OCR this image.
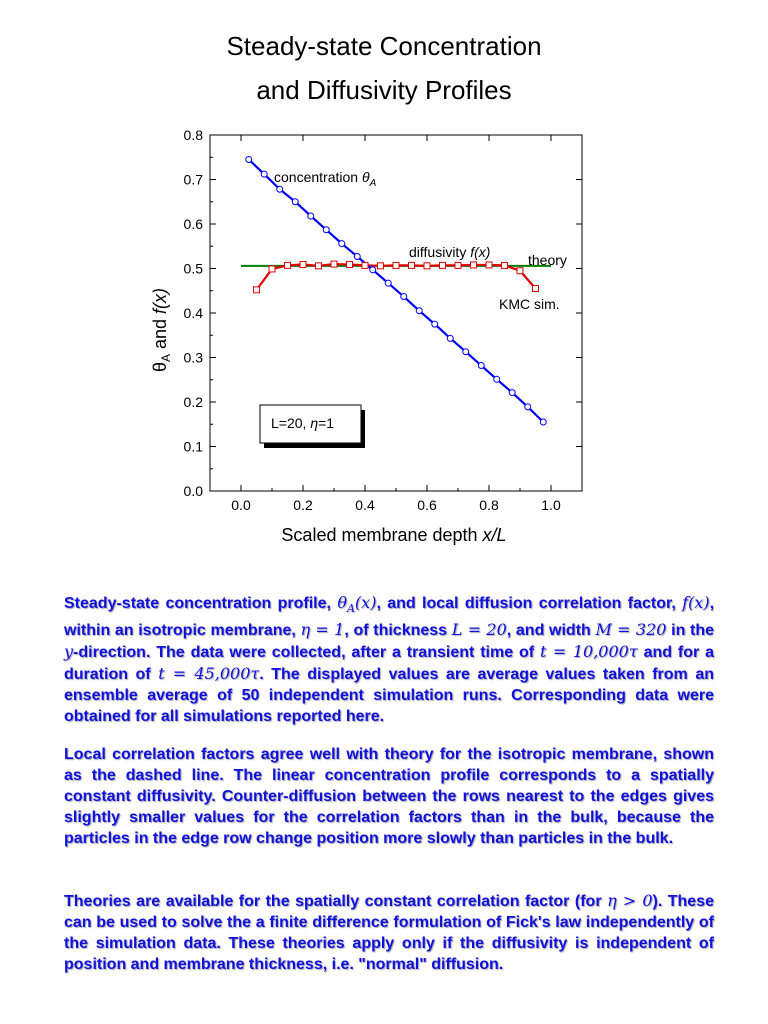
Steady-state Concentration
and Diffusivity Profiles
0.0	0.2	0.4	0.6	0.8	1.0
0.0
0.1
0.2
0.3
0.4
0.5
0.6
0.7
0.8
concentration $\theta_A$
diffusivity f(x)	theory
KMC sim.
L=20, η=1
$\theta_A$ and f(x)
Scaled membrane depth x/L
Steady-state concentration profile, $\theta_A(x)$, and local diffusion correlation factor, f(x), within an isotropic membrane, η = 1, of thickness L = 20, and width M = 320 in the y-direction. The data were collected, after a transient time of t = 10,000τ and for a duration of t = 45,000τ. The displayed values are average values taken from an ensemble average of 50 independent simulation runs. Corresponding data were obtained for all simulations reported here.
Local correlation factors agree well with theory for the isotropic membrane, shown as the dashed line. The linear concentration profile corresponds to a spatially constant diffusivity. Counter-diffusion between the rows nearest to the edges gives slightly smaller values for the correlation factors than in the bulk, because the particles in the edge row change position more slowly than particles in the bulk.
Theories are available for the spatially constant correlation factor (for η > 0). These can be used to solve the a finite difference formulation of Fick's law independently of the simulation data. These theories apply only if the diffusivity is independent of position and membrane thickness, i.e. "normal" diffusion.
